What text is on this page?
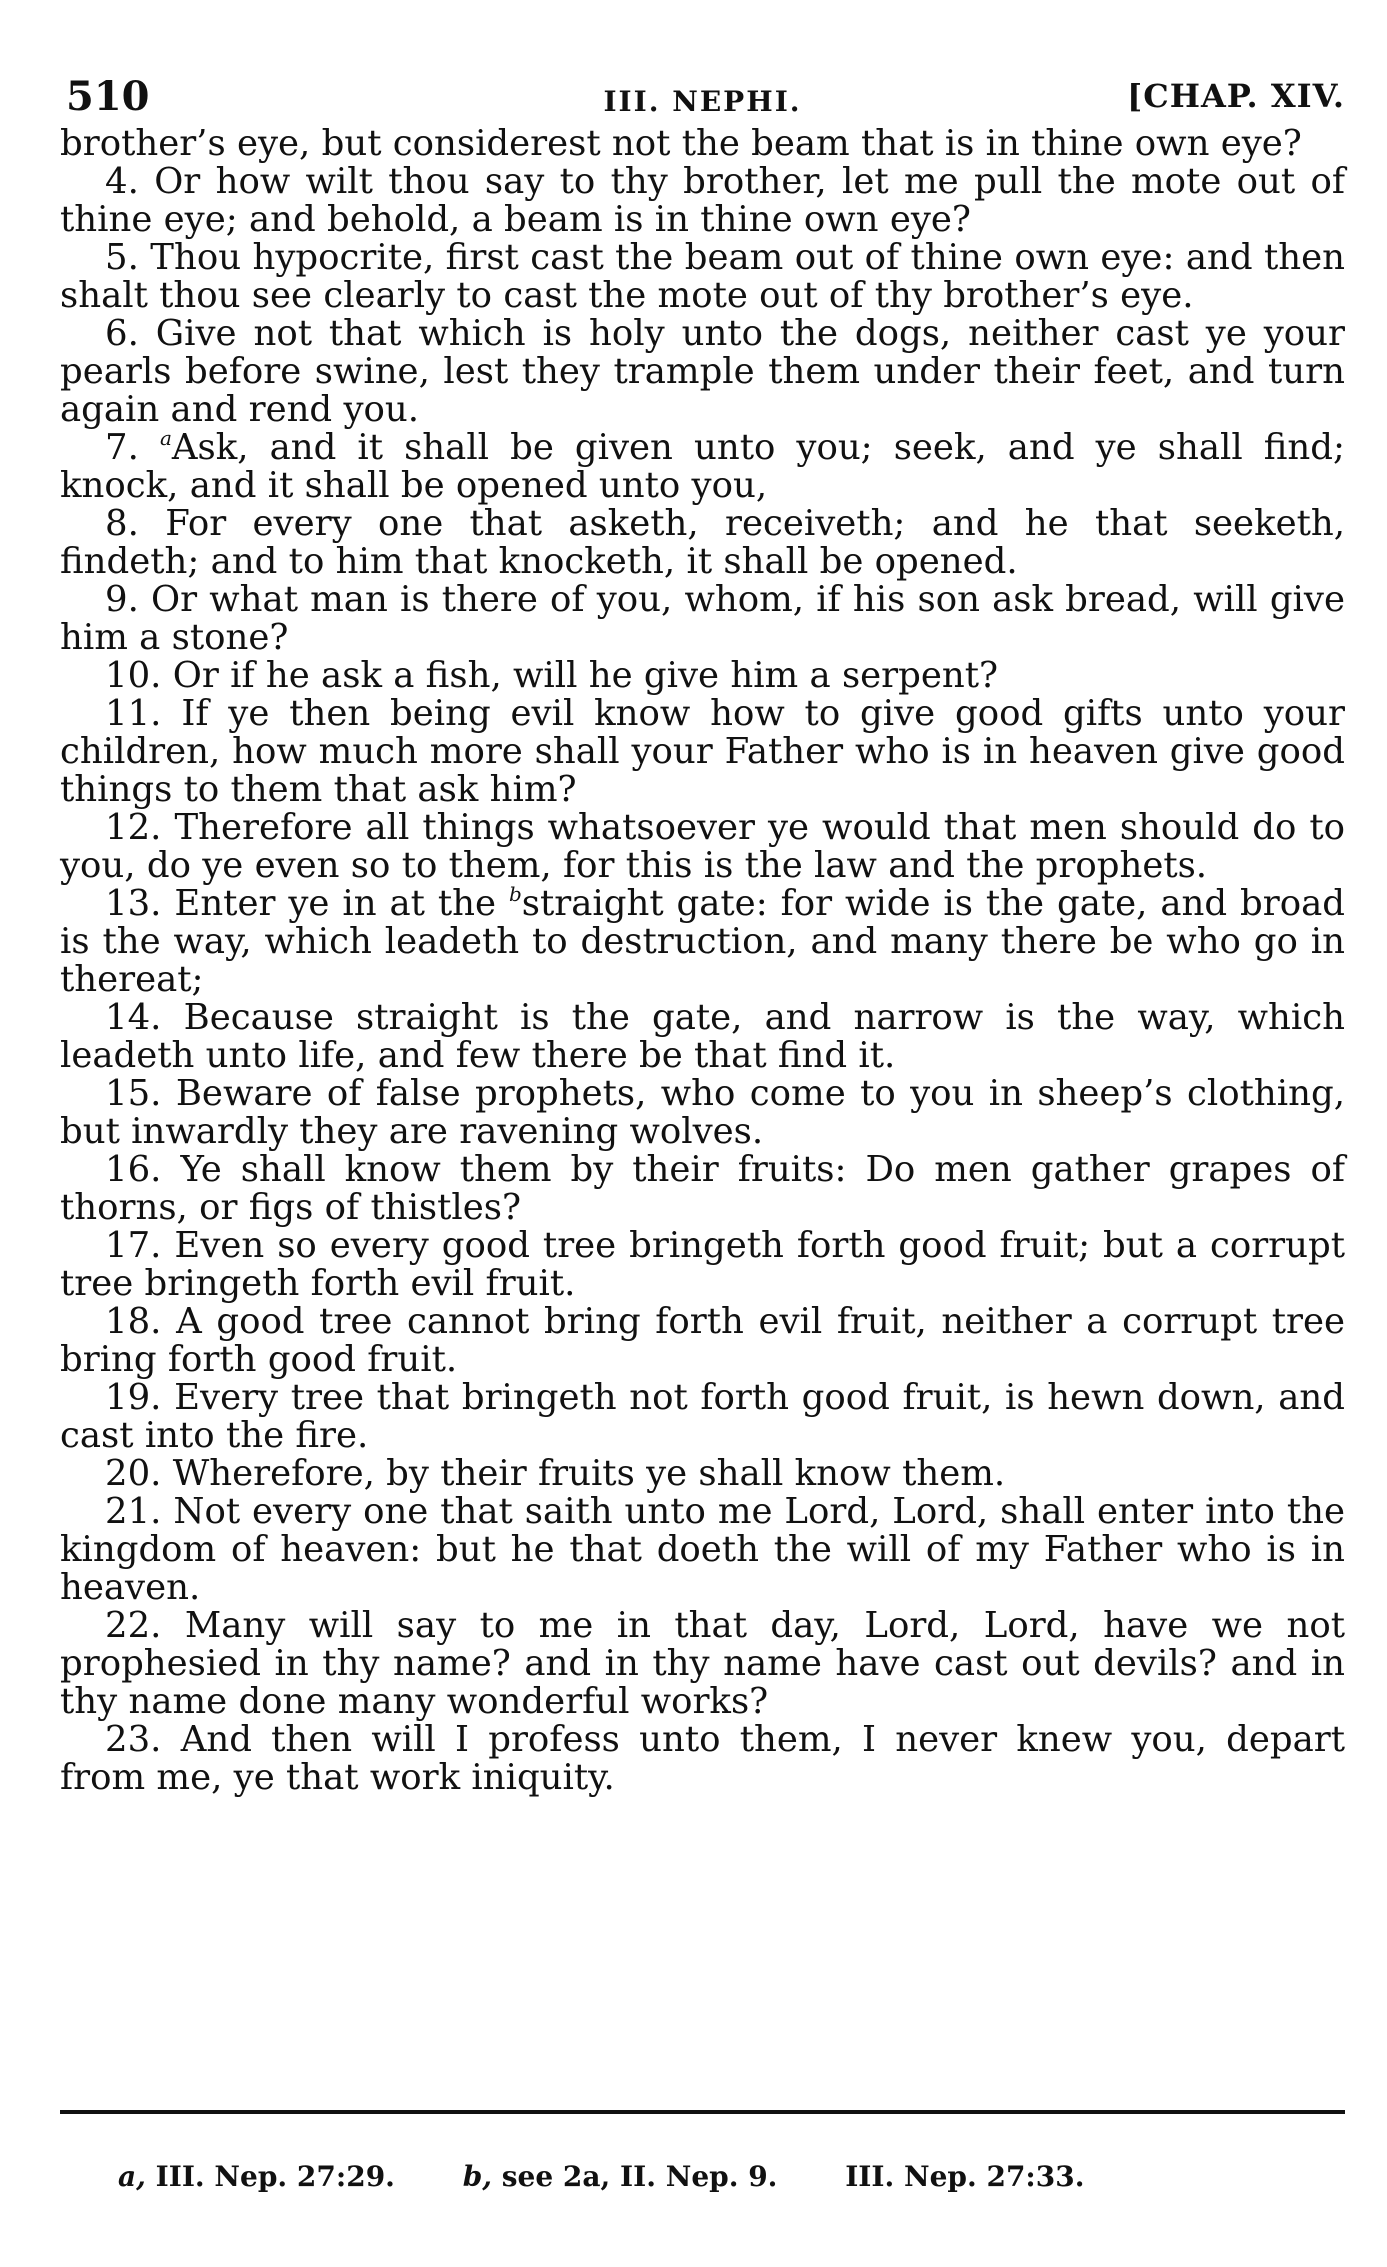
510	III. NEPHI.	[CHAP. XIV.

brother’s eye, but considerest not the beam that is in thine own eye?

4. Or how wilt thou say to thy brother, let me pull the mote out of thine eye; and behold, a beam is in thine own eye?

5. Thou hypocrite, first cast the beam out of thine own eye: and then shalt thou see clearly to cast the mote out of thy brother’s eye.

6. Give not that which is holy unto the dogs, neither cast ye your pearls before swine, lest they trample them under their feet, and turn again and rend you.

7. $^a$Ask, and it shall be given unto you; seek, and ye shall find; knock, and it shall be opened unto you,

8. For every one that asketh, receiveth; and he that seeketh, findeth; and to him that knocketh, it shall be opened.

9. Or what man is there of you, whom, if his son ask bread, will give him a stone?

10. Or if he ask a fish, will he give him a serpent?

11. If ye then being evil know how to give good gifts unto your children, how much more shall your Father who is in heaven give good things to them that ask him?

12. Therefore all things whatsoever ye would that men should do to you, do ye even so to them, for this is the law and the prophets.

13. Enter ye in at the $^b$straight gate: for wide is the gate, and broad is the way, which leadeth to destruction, and many there be who go in thereat;

14. Because straight is the gate, and narrow is the way, which leadeth unto life, and few there be that find it.

15. Beware of false prophets, who come to you in sheep’s clothing, but inwardly they are ravening wolves.

16. Ye shall know them by their fruits: Do men gather grapes of thorns, or figs of thistles?

17. Even so every good tree bringeth forth good fruit; but a corrupt tree bringeth forth evil fruit.

18. A good tree cannot bring forth evil fruit, neither a corrupt tree bring forth good fruit.

19. Every tree that bringeth not forth good fruit, is hewn down, and cast into the fire.

20. Wherefore, by their fruits ye shall know them.

21. Not every one that saith unto me Lord, Lord, shall enter into the kingdom of heaven: but he that doeth the will of my Father who is in heaven.

22. Many will say to me in that day, Lord, Lord, have we not prophesied in thy name? and in thy name have cast out devils? and in thy name done many wonderful works?

23. And then will I profess unto them, I never knew you, depart from me, ye that work iniquity.

a, III. Nep. 27:29. b, see 2a, II. Nep. 9. III. Nep. 27:33.
